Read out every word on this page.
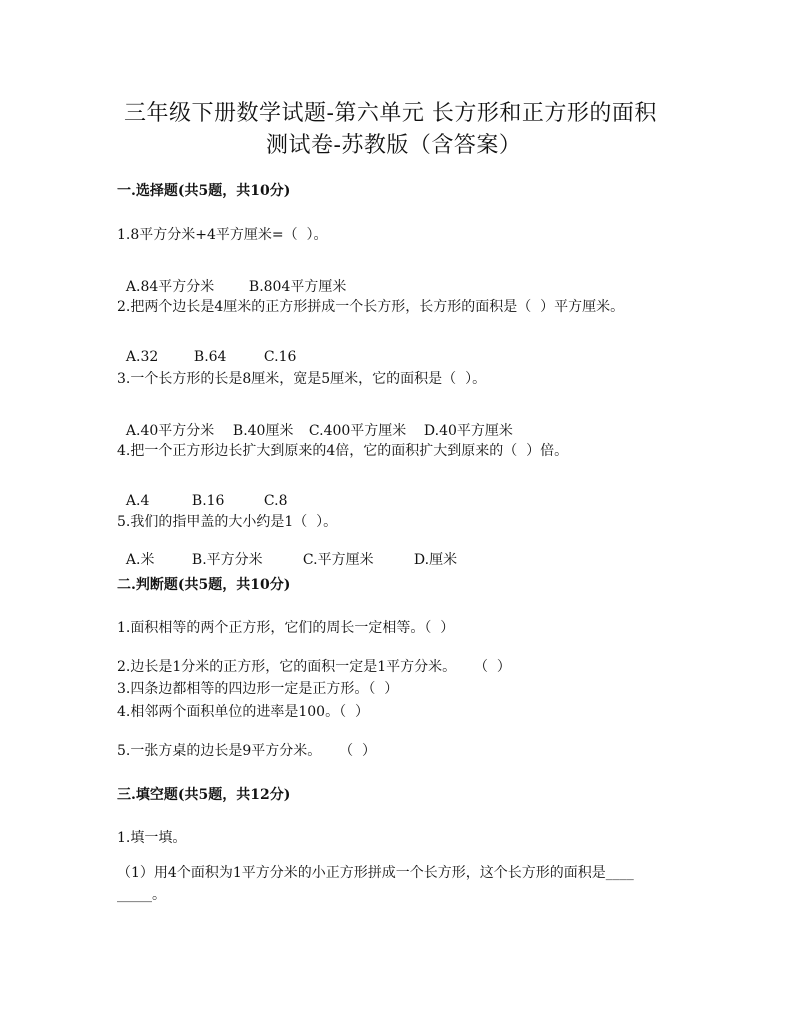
三年级下册数学试题-第六单元 长方形和正方形的面积
测试卷-苏教版（含答案）
一.选择题(共5题，共10分)
1.8平方分米+4平方厘米=（  ）。

A.84平方分米 B.804平方厘米

2.把两个边长是4厘米的正方形拼成一个长方形，长方形的面积是（  ）平方厘米。

A.32	B.64	C.16

3.一个长方形的长是8厘米，宽是5厘米，它的面积是（  ）。

A.40平方分米 B.40厘米 C.400平方厘米 D.40平方厘米

4.把一个正方形边长扩大到原来的4倍，它的面积扩大到原来的（  ）倍。

A.4	B.16	C.8

5.我们的指甲盖的大小约是1（  ）。

A.米	B.平方分米	C.平方厘米	D.厘米

二.判断题(共5题，共10分)
1.面积相等的两个正方形，它们的周长一定相等。（  ）
2.边长是1分米的正方形，它的面积一定是1平方分米。    （  ）
3.四条边都相等的四边形一定是正方形。（  ）
4.相邻两个面积单位的进率是100。（  ）
5.一张方桌的边长是9平方分米。    （  ）
三.填空题(共5题，共12分)
1.填一填。
（1）用4个面积为1平方分米的小正方形拼成一个长方形，这个长方形的面积是____
_____。
